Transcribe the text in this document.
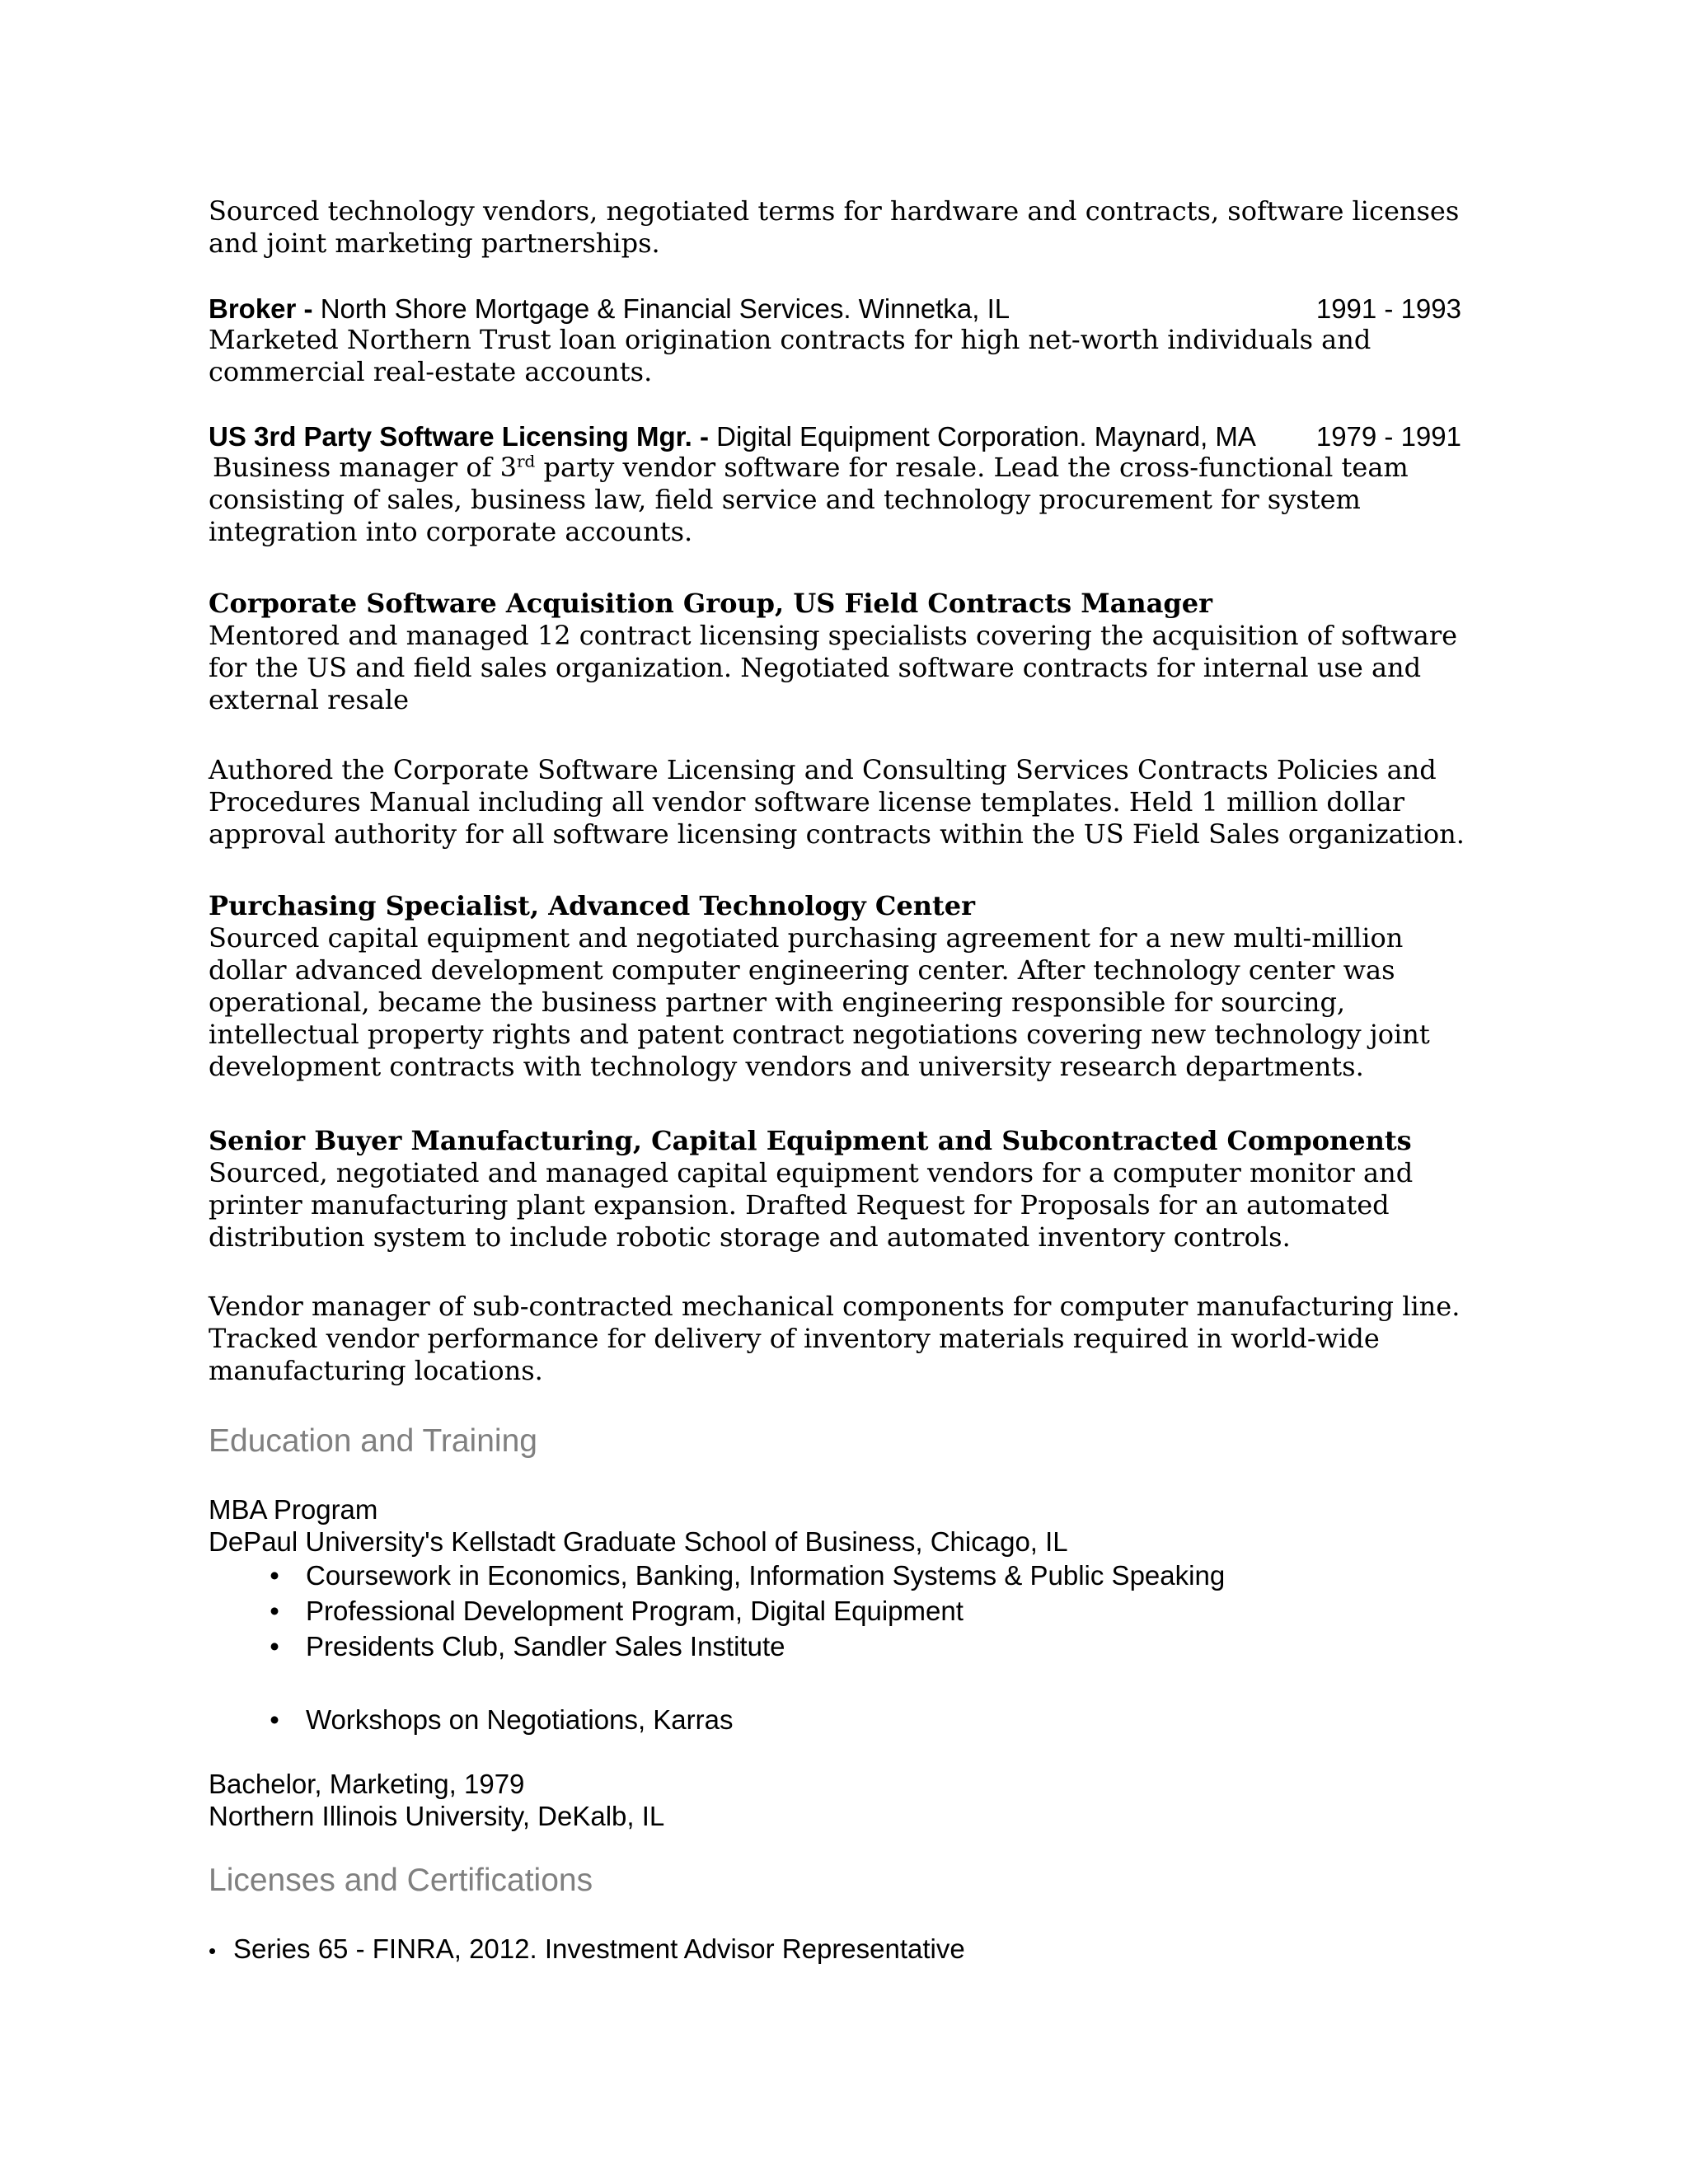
Sourced technology vendors, negotiated terms for hardware and contracts, software licenses and joint marketing partnerships.

Broker - North Shore Mortgage & Financial Services. Winnetka, IL	1991 - 1993

Marketed Northern Trust loan origination contracts for high net-worth individuals and commercial real-estate accounts.

US 3rd Party Software Licensing Mgr. - Digital Equipment Corporation. Maynard, MA 1979 - 1991

Business manager of 3rd party vendor software for resale. Lead the cross-functional team consisting of sales, business law, field service and technology procurement for system integration into corporate accounts.

Corporate Software Acquisition Group, US Field Contracts Manager

Mentored and managed 12 contract licensing specialists covering the acquisition of software for the US and field sales organization. Negotiated software contracts for internal use and external resale

Authored the Corporate Software Licensing and Consulting Services Contracts Policies and Procedures Manual including all vendor software license templates. Held 1 million dollar approval authority for all software licensing contracts within the US Field Sales organization.

Purchasing Specialist, Advanced Technology Center

Sourced capital equipment and negotiated purchasing agreement for a new multi-million dollar advanced development computer engineering center. After technology center was operational, became the business partner with engineering responsible for sourcing, intellectual property rights and patent contract negotiations covering new technology joint development contracts with technology vendors and university research departments.

Senior Buyer Manufacturing, Capital Equipment and Subcontracted Components

Sourced, negotiated and managed capital equipment vendors for a computer monitor and printer manufacturing plant expansion. Drafted Request for Proposals for an automated distribution system to include robotic storage and automated inventory controls.

Vendor manager of sub-contracted mechanical components for computer manufacturing line. Tracked vendor performance for delivery of inventory materials required in world-wide manufacturing locations.

Education and Training
MBA Program
DePaul University's Kellstadt Graduate School of Business, Chicago, IL
• Coursework in Economics, Banking, Information Systems & Public Speaking
• Professional Development Program, Digital Equipment
• Presidents Club, Sandler Sales Institute
• Workshops on Negotiations, Karras
Bachelor, Marketing, 1979
Northern Illinois University, DeKalb, IL
Licenses and Certifications
• Series 65 - FINRA, 2012. Investment Advisor Representative
